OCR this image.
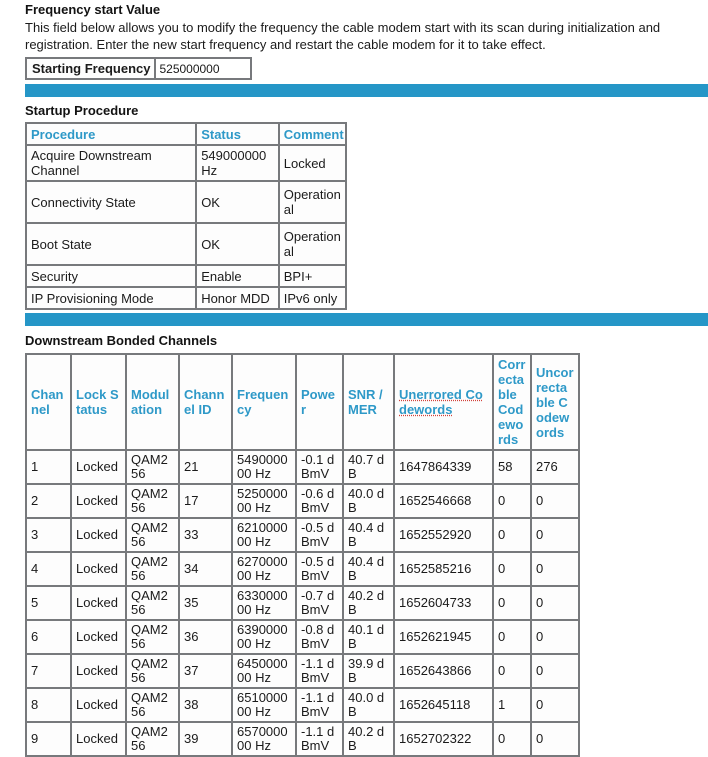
Frequency start Value

This field below allows you to modify the frequency the cable modem start with its scan during initialization and registration. Enter the new start frequency and restart the cable modem for it to take effect.

Starting Frequency	525000000
Startup Procedure
Procedure	Status	Comment
Acquire Downstream Channel	549000000 Hz	Locked
Connectivity State	OK	Operational
Boot State	OK	Operational
Security	Enable	BPI+
IP Provisioning Mode	Honor MDD	IPv6 only
Downstream Bonded Channels
Channel	Lock Status	Modulation	Channel ID	Frequency	Power	SNR / MER	Unerrored Codewords	Correctable Codewords	Uncorrectable Codewords
1	Locked	QAM256	21	549000000 Hz	-0.1 dBmV	40.7 dB	1647864339	58	276
2	Locked	QAM256	17	525000000 Hz	-0.6 dBmV	40.0 dB	1652546668	0	0
3	Locked	QAM256	33	621000000 Hz	-0.5 dBmV	40.4 dB	1652552920	0	0
4	Locked	QAM256	34	627000000 Hz	-0.5 dBmV	40.4 dB	1652585216	0	0
5	Locked	QAM256	35	633000000 Hz	-0.7 dBmV	40.2 dB	1652604733	0	0
6	Locked	QAM256	36	639000000 Hz	-0.8 dBmV	40.1 dB	1652621945	0	0
7	Locked	QAM256	37	645000000 Hz	-1.1 dBmV	39.9 dB	1652643866	0	0
8	Locked	QAM256	38	651000000 Hz	-1.1 dBmV	40.0 dB	1652645118	1	0
9	Locked	QAM256	39	657000000 Hz	-1.1 dBmV	40.2 dB	1652702322	0	0
